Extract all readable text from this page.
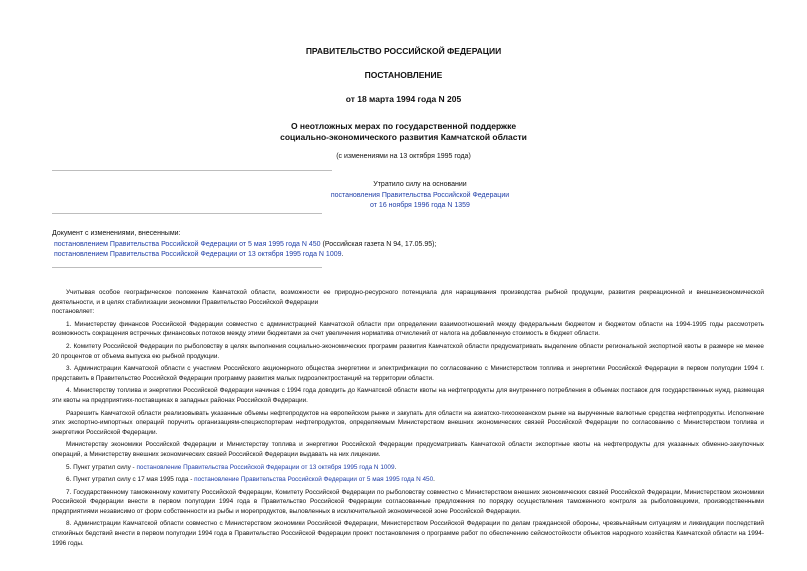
ПРАВИТЕЛЬСТВО РОССИЙСКОЙ ФЕДЕРАЦИИ
ПОСТАНОВЛЕНИЕ
от 18 марта 1994 года N 205
О неотложных мерах по государственной поддержке
социально-экономического развития Камчатской области
(с изменениями на 13 октября 1995 года)
Утратило силу на основании
постановления Правительства Российской Федерации
от 16 ноября 1996 года N 1359
Документ с изменениями, внесенными:
постановлением Правительства Российской Федерации от 5 мая 1995 года N 450 (Российская газета N 94, 17.05.95);
постановлением Правительства Российской Федерации от 13 октября 1995 года N 1009.

Учитывая особое географическое положение Камчатской области, возможности ее природно-ресурсного потенциала для наращивания производства рыбной продукции, развития рекреационной и внешнеэкономической деятельности, и в целях стабилизации экономики Правительство Российской Федерации

постановляет:

1. Министерству финансов Российской Федерации совместно с администрацией Камчатской области при определении взаимоотношений между федеральным бюджетом и бюджетом области на 1994-1995 годы рассмотреть возможность сокращения встречных финансовых потоков между этими бюджетами за счет увеличения норматива отчислений от налога на добавленную стоимость в бюджет области.

2. Комитету Российской Федерации по рыболовству в целях выполнения социально-экономических программ развития Камчатской области предусматривать выделение области региональной экспортной квоты в размере не менее 20 процентов от объема выпуска ею рыбной продукции.

3. Администрации Камчатской области с участием Российского акционерного общества энергетики и электрификации по согласованию с Министерством топлива и энергетики Российской Федерации в первом полугодии 1994 г. представить в Правительство Российской Федерации программу развития малых гидроэлектростанций на территории области.

4. Министерству топлива и энергетики Российской Федерации начиная с 1994 года доводить до Камчатской области квоты на нефтепродукты для внутреннего потребления в объемах поставок для государственных нужд, размещая эти квоты на предприятиях-поставщиках в западных районах Российской Федерации.

Разрешить Камчатской области реализовывать указанные объемы нефтепродуктов на европейском рынке и закупать для области на азиатско-тихоокеанском рынке на вырученные валютные средства нефтепродукты. Исполнение этих экспортно-импортных операций поручить организациям-спецэкспортерам нефтепродуктов, определяемым Министерством внешних экономических связей Российской Федерации по согласованию с Министерством топлива и энергетики Российской Федерации.

Министерству экономики Российской Федерации и Министерству топлива и энергетики Российской Федерации предусматривать Камчатской области экспортные квоты на нефтепродукты для указанных обменно-закупочных операций, а Министерству внешних экономических связей Российской Федерации выдавать на них лицензии.

5. Пункт утратил силу - постановление Правительства Российской Федерации от 13 октября 1995 года N 1009.

6. Пункт утратил силу с 17 мая 1995 года - постановление Правительства Российской Федерации от 5 мая 1995 года N 450.

7. Государственному таможенному комитету Российской Федерации, Комитету Российской Федерации по рыболовству совместно с Министерством внешних экономических связей Российской Федерации, Министерством экономики Российской Федерации внести в первом полугодии 1994 года в Правительство Российской Федерации согласованные предложения по порядку осуществления таможенного контроля за рыболовецкими, производственными предприятиями независимо от форм собственности из рыбы и морепродуктов, выловленных в исключительной экономической зоне Российской Федерации.

8. Администрации Камчатской области совместно с Министерством экономики Российской Федерации, Министерством Российской Федерации по делам гражданской обороны, чрезвычайным ситуациям и ликвидации последствий стихийных бедствий внести в первом полугодии 1994 года в Правительство Российской Федерации проект постановления о программе работ по обеспечению сейсмостойкости объектов народного хозяйства Камчатской области на 1994-1996 годы.
